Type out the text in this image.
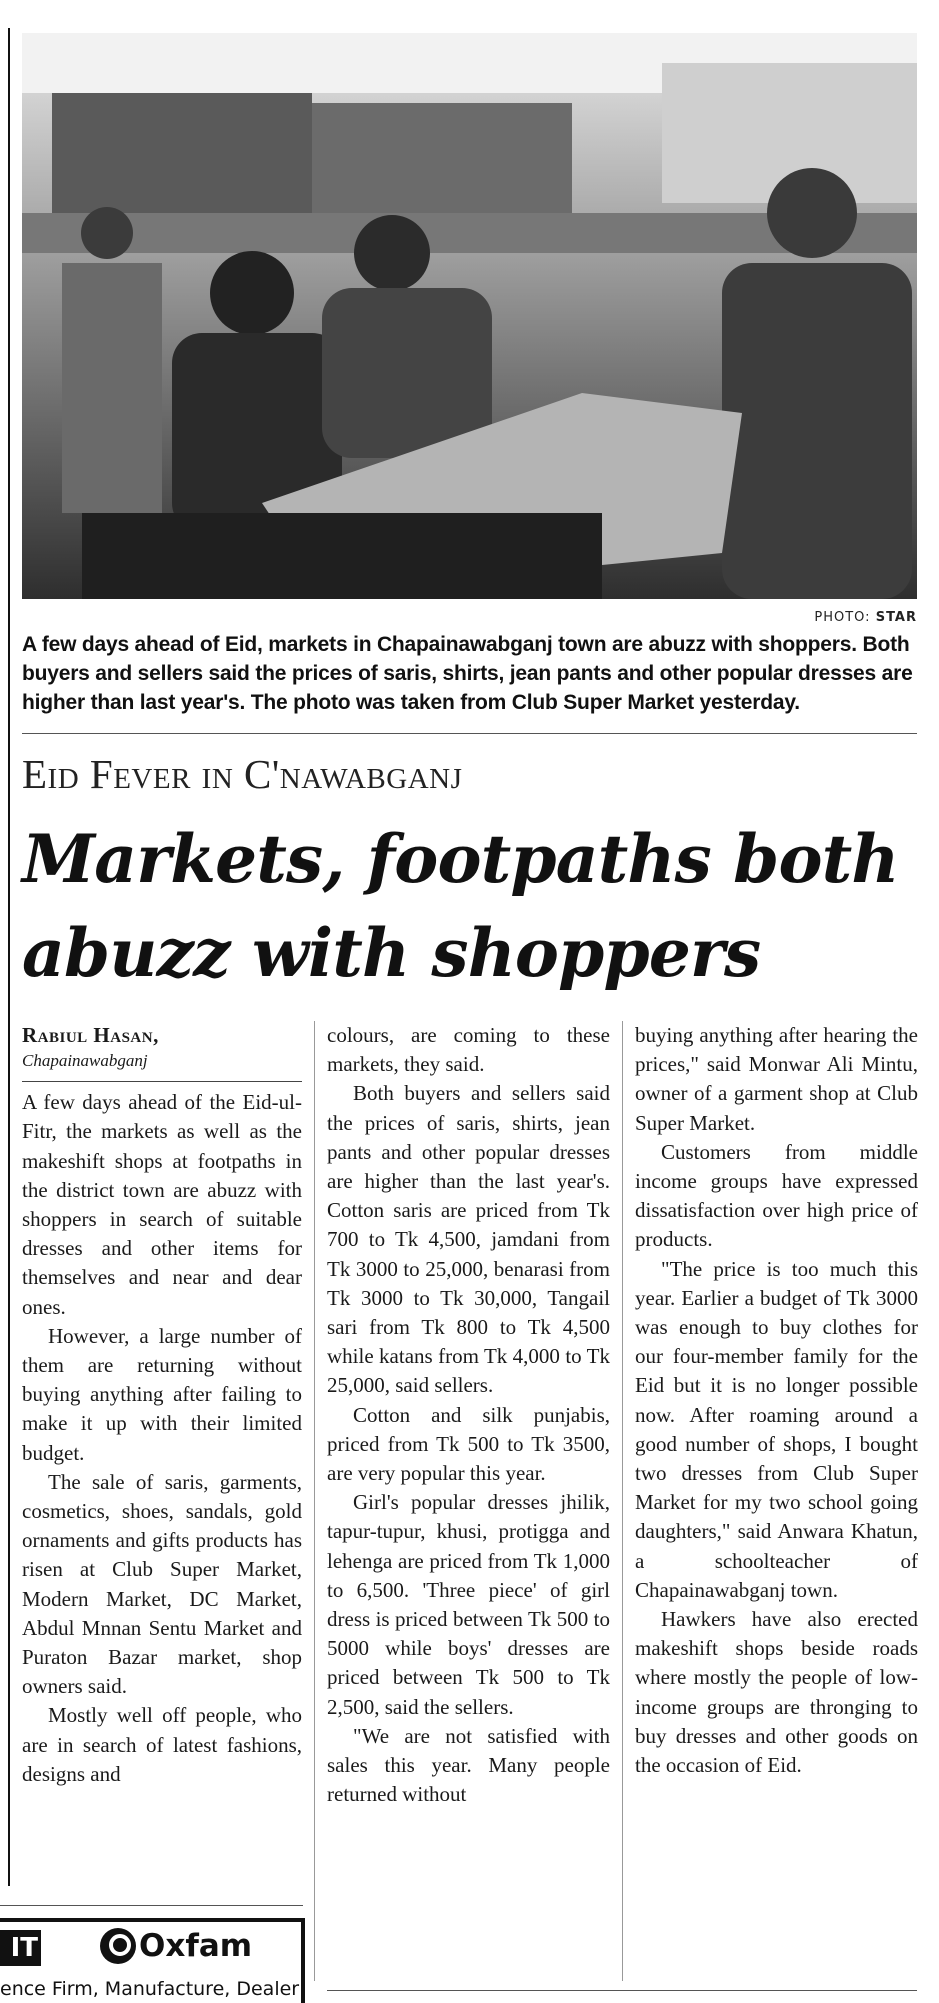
PHOTO: STAR
A few days ahead of Eid, markets in Chapainawabganj town are abuzz with shoppers. Both buyers and sellers said the prices of saris, shirts, jean pants and other popular dresses are higher than last year's. The photo was taken from Club Super Market yesterday.
Eid Fever in C'nawabganj
Markets, footpaths both abuzz with shoppers

Rabiul Hasan,

Chapainawabganj

A few days ahead of the Eid-ul-Fitr, the markets as well as the makeshift shops at footpaths in the district town are abuzz with shoppers in search of suitable dresses and other items for themselves and near and dear ones.

However, a large number of them are returning without buying anything after failing to make it up with their limited budget.

The sale of saris, garments, cosmetics, shoes, sandals, gold ornaments and gifts products has risen at Club Super Market, Modern Market, DC Market, Abdul Mnnan Sentu Market and Puraton Bazar market, shop owners said.

Mostly well off people, who are in search of latest fashions, designs and

colours, are coming to these markets, they said.

Both buyers and sellers said the prices of saris, shirts, jean pants and other popular dresses are higher than the last year's. Cotton saris are priced from Tk 700 to Tk 4,500, jamdani from Tk 3000 to 25,000, benarasi from Tk 3000 to Tk 30,000, Tangail sari from Tk 800 to Tk 4,500 while katans from Tk 4,000 to Tk 25,000, said sellers.

Cotton and silk punjabis, priced from Tk 500 to Tk 3500, are very popular this year.

Girl's popular dresses jhilik, tapur-tupur, khusi, protigga and lehenga are priced from Tk 1,000 to 6,500. 'Three piece' of girl dress is priced between Tk 500 to 5000 while boys' dresses are priced between Tk 500 to Tk 2,500, said the sellers.

"We are not satisfied with sales this year. Many people returned without

buying anything after hearing the prices," said Monwar Ali Mintu, owner of a garment shop at Club Super Market.

Customers from middle income groups have expressed dissatisfaction over high price of products.

"The price is too much this year. Earlier a budget of Tk 3000 was enough to buy clothes for our four-member family for the Eid but it is no longer possible now. After roaming around a good number of shops, I bought two dresses from Club Super Market for my two school going daughters," said Anwara Khatun, a schoolteacher of Chapainawabganj town.

Hawkers have also erected makeshift shops beside roads where mostly the people of low-income groups are thronging to buy dresses and other goods on the occasion of Eid.

IT	Oxfam
ence Firm, Manufacture, Dealer
